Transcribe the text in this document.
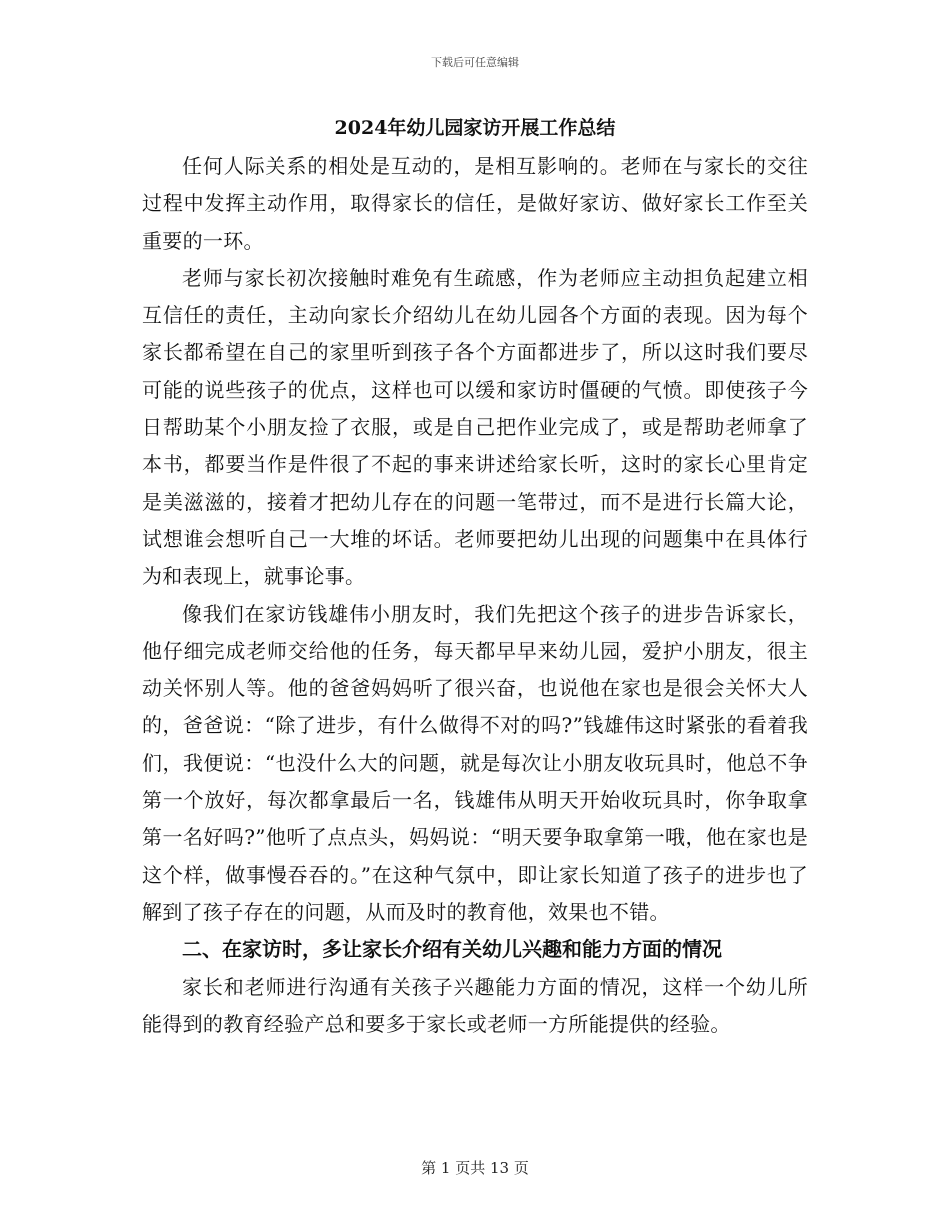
下载后可任意编辑
2024年幼儿园家访开展工作总结

任何人际关系的相处是互动的，是相互影响的。老师在与家长的交往过程中发挥主动作用，取得家长的信任，是做好家访、做好家长工作至关重要的一环。

老师与家长初次接触时难免有生疏感，作为老师应主动担负起建立相互信任的责任，主动向家长介绍幼儿在幼儿园各个方面的表现。因为每个家长都希望在自己的家里听到孩子各个方面都进步了，所以这时我们要尽可能的说些孩子的优点，这样也可以缓和家访时僵硬的气愤。即使孩子今日帮助某个小朋友捡了衣服，或是自己把作业完成了，或是帮助老师拿了本书，都要当作是件很了不起的事来讲述给家长听，这时的家长心里肯定是美滋滋的，接着才把幼儿存在的问题一笔带过，而不是进行长篇大论，试想谁会想听自己一大堆的坏话。老师要把幼儿出现的问题集中在具体行为和表现上，就事论事。

像我们在家访钱雄伟小朋友时，我们先把这个孩子的进步告诉家长，他仔细完成老师交给他的任务，每天都早早来幼儿园，爱护小朋友，很主动关怀别人等。他的爸爸妈妈听了很兴奋，也说他在家也是很会关怀大人的，爸爸说：“除了进步，有什么做得不对的吗?”钱雄伟这时紧张的看着我们，我便说：“也没什么大的问题，就是每次让小朋友收玩具时，他总不争第一个放好，每次都拿最后一名，钱雄伟从明天开始收玩具时，你争取拿第一名好吗?”他听了点点头，妈妈说：“明天要争取拿第一哦，他在家也是这个样，做事慢吞吞的。”在这种气氛中，即让家长知道了孩子的进步也了解到了孩子存在的问题，从而及时的教育他，效果也不错。

二、在家访时，多让家长介绍有关幼儿兴趣和能力方面的情况

家长和老师进行沟通有关孩子兴趣能力方面的情况，这样一个幼儿所能得到的教育经验产总和要多于家长或老师一方所能提供的经验。

第 1 页共 13 页
